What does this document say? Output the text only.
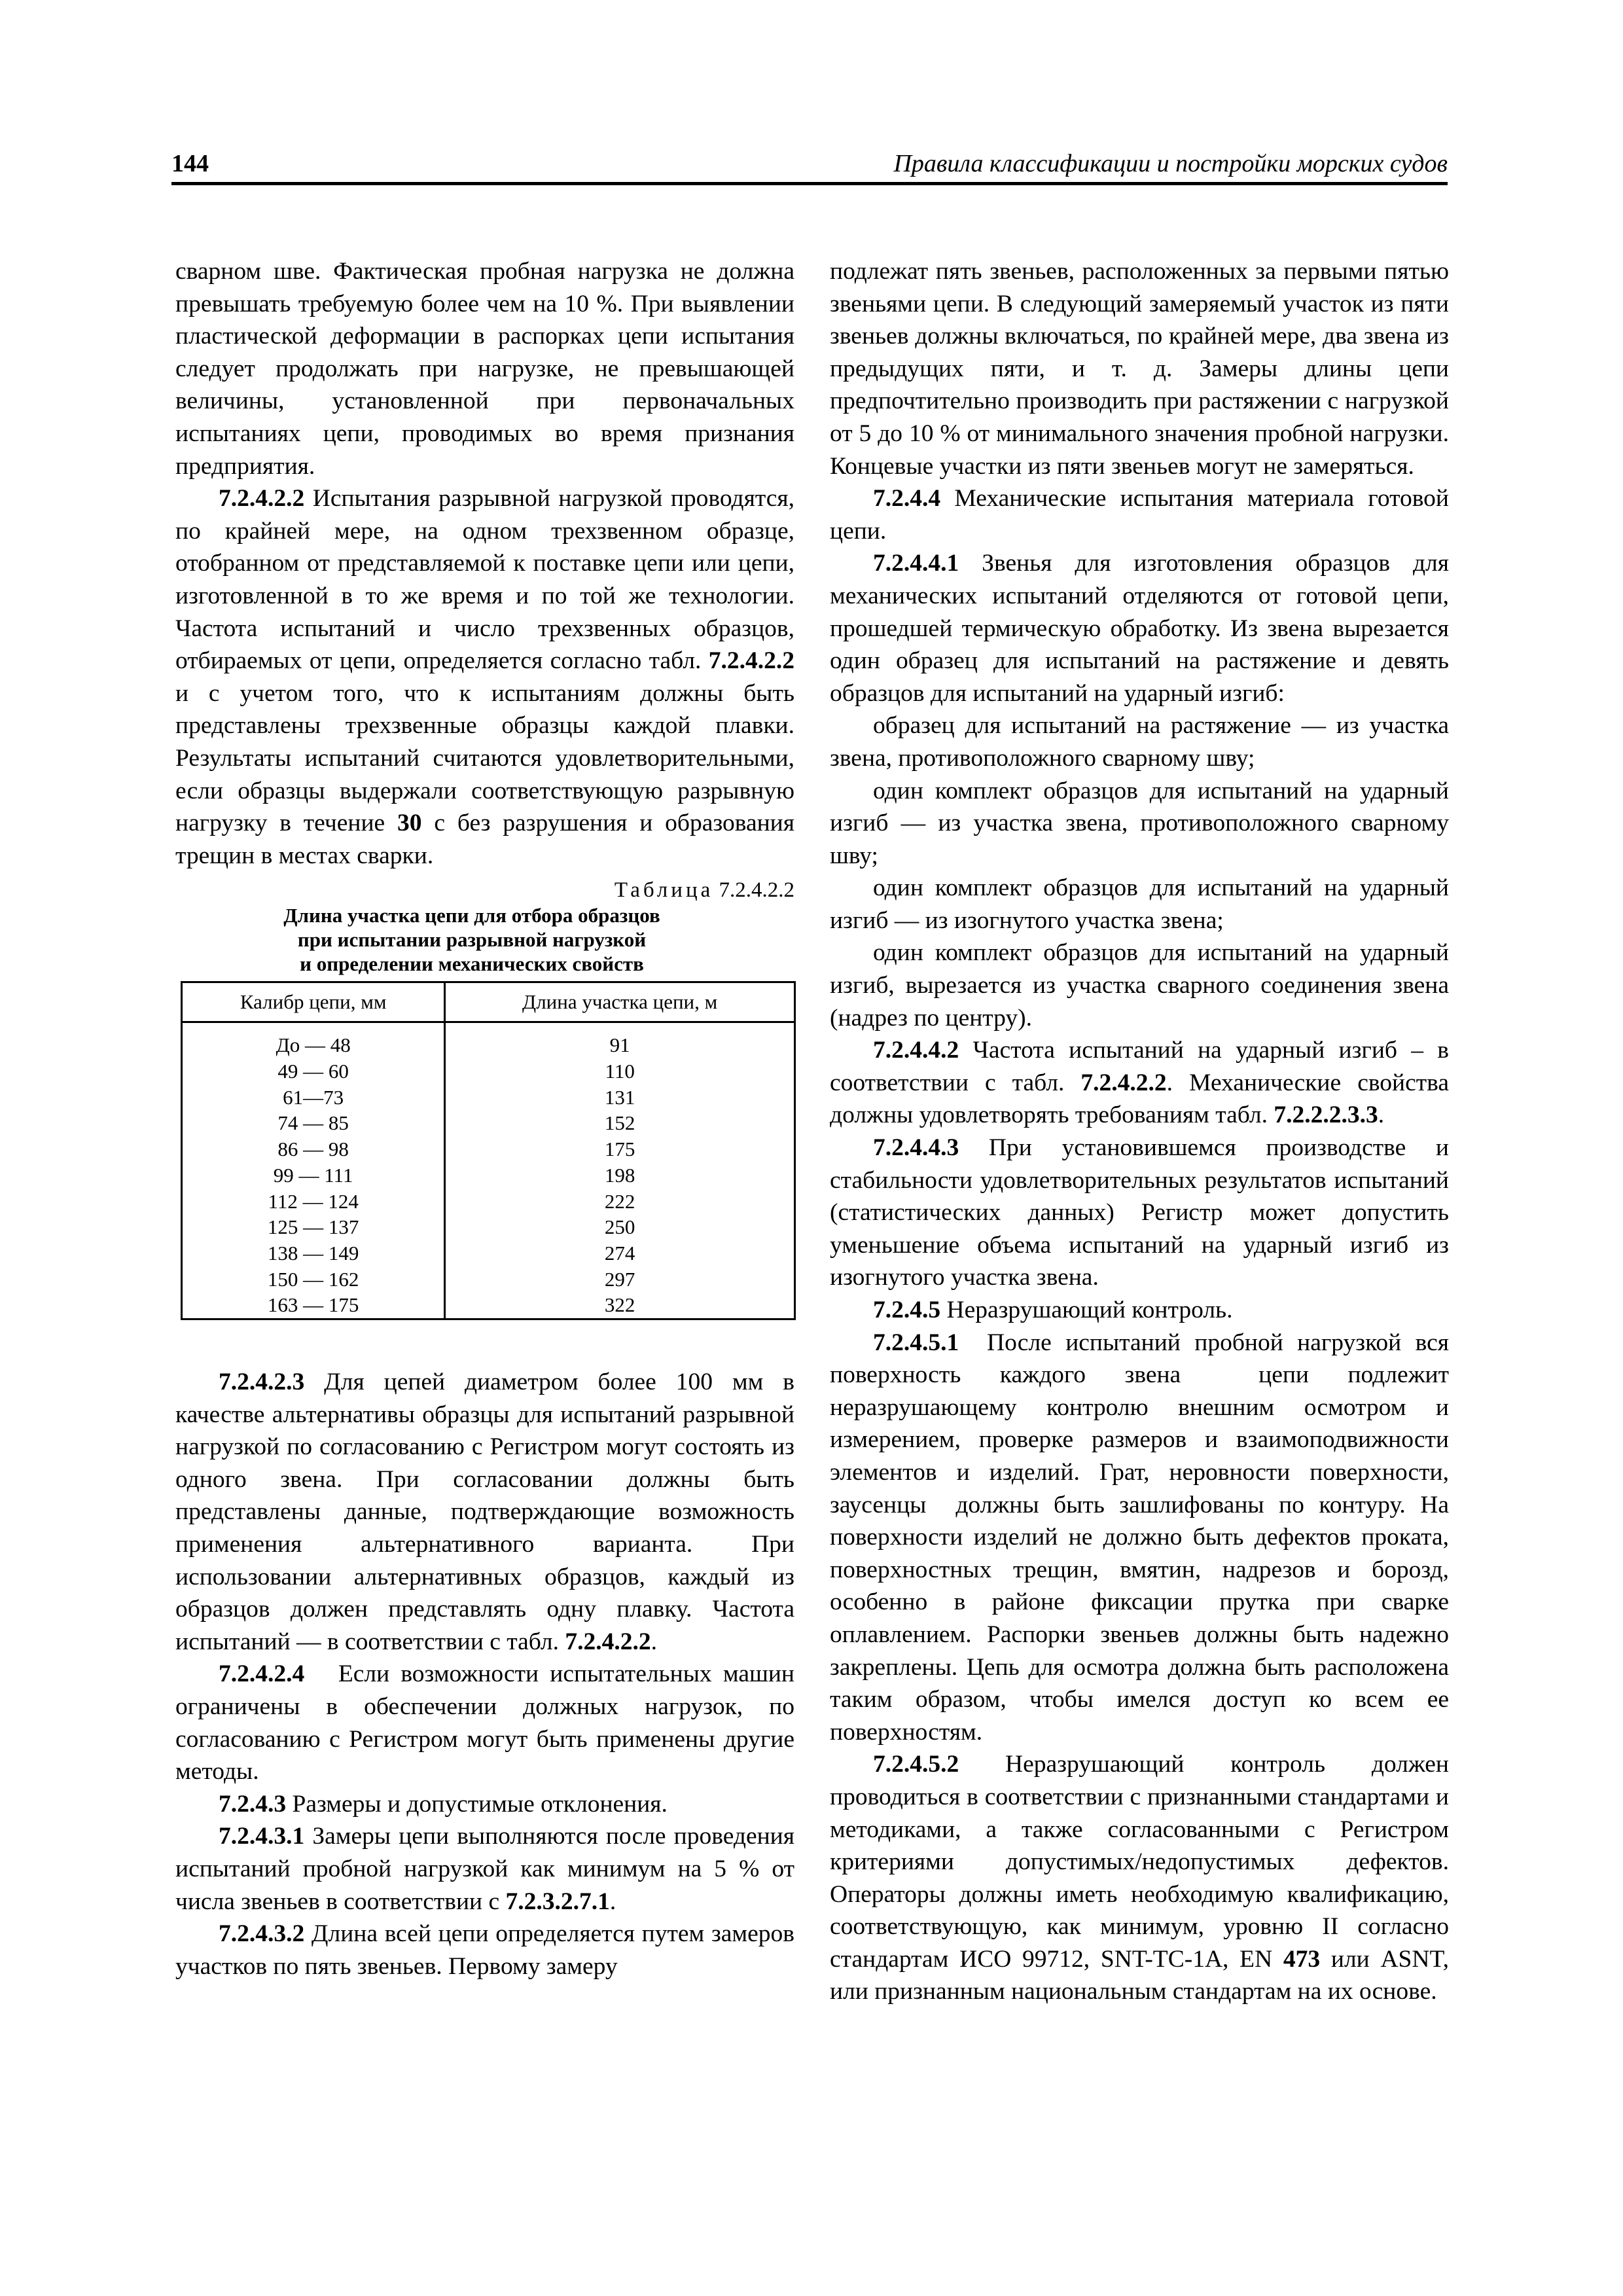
144	Правила классификации и постройки морских судов

сварном шве. Фактическая пробная нагрузка не должна превышать требуемую более чем на 10 %. При выявлении пластической деформации в распорках цепи испытания следует продолжать при нагрузке, не превышающей величины, установленной при первоначальных испытаниях цепи, проводимых во время признания предприятия.

7.2.4.2.2 Испытания разрывной нагрузкой проводятся, по крайней мере, на одном трехзвенном образце, отобранном от представляемой к поставке цепи или цепи, изготовленной в то же время и по той же технологии. Частота испытаний и число трехзвенных образцов, отбираемых от цепи, определяется согласно табл. 7.2.4.2.2 и с учетом того, что к испытаниям должны быть представлены трехзвенные образцы каждой плавки. Результаты испытаний считаются удовлетворительными, если образцы выдержали соответствующую разрывную нагрузку в течение 30 с без разрушения и образования трещин в местах сварки.

Таблица 7.2.4.2.2
Длина участка цепи для отбора образцов
при испытании разрывной нагрузкой
и определении механических свойств
Калибр цепи, мм	Длина участка цепи, м
До — 48	91
49 — 60	110
61—73	131
74 — 85	152
86 — 98	175
99 — 111	198
112 — 124	222
125 — 137	250
138 — 149	274
150 — 162	297
163 — 175	322

7.2.4.2.3 Для цепей диаметром более 100 мм в качестве альтернативы образцы для испытаний разрывной нагрузкой по согласованию с Регистром могут состоять из одного звена. При согласовании должны быть представлены данные, подтверждающие возможность применения альтернативного варианта. При использовании альтернативных образцов, каждый из образцов должен представлять одну плавку. Частота испытаний — в соответствии с табл. 7.2.4.2.2.

7.2.4.2.4   Если возможности испытательных машин ограничены в обеспечении должных нагрузок, по согласованию с Регистром могут быть применены другие методы.

7.2.4.3 Размеры и допустимые отклонения.

7.2.4.3.1 Замеры цепи выполняются после проведения испытаний пробной нагрузкой как минимум на 5 % от числа звеньев в соответствии с 7.2.3.2.7.1.

7.2.4.3.2 Длина всей цепи определяется путем замеров участков по пять звеньев. Первому замеру

подлежат пять звеньев, расположенных за первыми пятью звеньями цепи. В следующий замеряемый участок из пяти звеньев должны включаться, по крайней мере, два звена из предыдущих пяти, и т. д. Замеры длины цепи предпочтительно производить при растяжении с нагрузкой от 5 до 10 % от минимального значения пробной нагрузки. Концевые участки из пяти звеньев могут не замеряться.

7.2.4.4 Механические испытания материала готовой цепи.

7.2.4.4.1 Звенья для изготовления образцов для механических испытаний отделяются от готовой цепи, прошедшей термическую обработку. Из звена вырезается один образец для испытаний на растяжение и девять образцов для испытаний на ударный изгиб:

образец для испытаний на растяжение — из участка звена, противоположного сварному шву;

один комплект образцов для испытаний на ударный изгиб — из участка звена, противоположного сварному шву;

один комплект образцов для испытаний на ударный изгиб — из изогнутого участка звена;

один комплект образцов для испытаний на ударный изгиб, вырезается из участка сварного соединения звена (надрез по центру).

7.2.4.4.2 Частота испытаний на ударный изгиб – в соответствии с табл. 7.2.4.2.2. Механические свойства должны удовлетворять требованиям табл. 7.2.2.2.3.3.

7.2.4.4.3 При установившемся производстве и стабильности удовлетворительных результатов испытаний (статистических данных) Регистр может допустить уменьшение объема испытаний на ударный изгиб из изогнутого участка звена.

7.2.4.5 Неразрушающий контроль.

7.2.4.5.1  После испытаний пробной нагрузкой вся поверхность каждого звена  цепи подлежит неразрушающему контролю внешним осмотром и измерением, проверке размеров и взаимоподвижности элементов и изделий. Грат, неровности поверхности, заусенцы  должны быть зашлифованы по контуру. На поверхности изделий не должно быть дефектов проката, поверхностных трещин, вмятин, надрезов и борозд, особенно в районе фиксации прутка при сварке оплавлением. Распорки звеньев должны быть надежно закреплены. Цепь для осмотра должна быть расположена таким образом, чтобы имелся доступ ко всем ее поверхностям.

7.2.4.5.2 Неразрушающий контроль должен проводиться в соответствии с признанными стандартами и методиками, а также согласованными с Регистром критериями допустимых/недопустимых дефектов. Операторы должны иметь необходимую квалификацию, соответствующую, как минимум, уровню II согласно стандартам ИСО 99712, SNT-TC-1A, EN 473 или ASNT, или признанным национальным стандартам на их основе.
